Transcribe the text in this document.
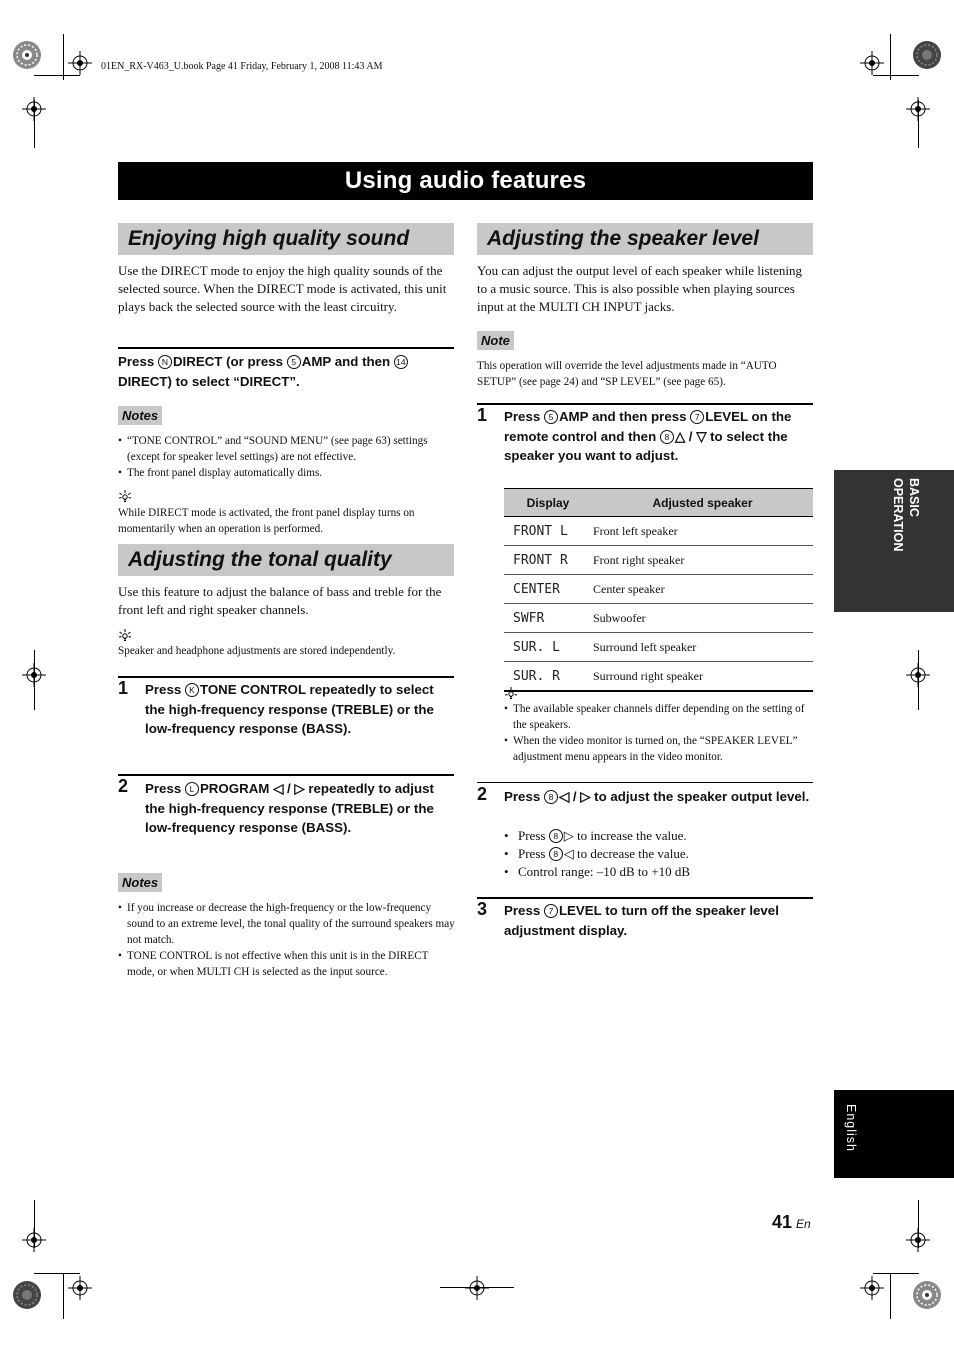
01EN_RX-V463_U.book Page 41 Friday, February 1, 2008 11:43 AM
Using audio features
Enjoying high quality sound
Use the DIRECT mode to enjoy the high quality sounds of the selected source. When the DIRECT mode is activated, this unit plays back the selected source with the least circuitry.
Press N DIRECT (or press 5 AMP and then 14DIRECT) to select “DIRECT”.
Notes
• “TONE CONTROL” and “SOUND MENU” (see page 63) settings (except for speaker level settings) are not effective.
• The front panel display automatically dims.
While DIRECT mode is activated, the front panel display turns on momentarily when an operation is performed.
Adjusting the tonal quality
Use this feature to adjust the balance of bass and treble for the front left and right speaker channels.
Speaker and headphone adjustments are stored independently.
1 Press K TONE CONTROL repeatedly to select the high-frequency response (TREBLE) or the low-frequency response (BASS).
2 Press L PROGRAM ◁ / ▷ repeatedly to adjust the high-frequency response (TREBLE) or the low-frequency response (BASS).
Notes
• If you increase or decrease the high-frequency or the low-frequency sound to an extreme level, the tonal quality of the surround speakers may not match.
• TONE CONTROL is not effective when this unit is in the DIRECT mode, or when MULTI CH is selected as the input source.
Adjusting the speaker level
You can adjust the output level of each speaker while listening to a music source. This is also possible when playing sources input at the MULTI CH INPUT jacks.
Note
This operation will override the level adjustments made in “AUTO SETUP” (see page 24) and “SP LEVEL” (see page 65).
1 Press 5 AMP and then press 7 LEVEL on the remote control and then 8 △ / ▽ to select the speaker you want to adjust.
Display	Adjusted speaker
FRONT L	Front left speaker
FRONT R	Front right speaker
CENTER	Center speaker
SWFR	Subwoofer
SUR. L	Surround left speaker
SUR. R	Surround right speaker
• The available speaker channels differ depending on the setting of the speakers.
• When the video monitor is turned on, the “SPEAKER LEVEL” adjustment menu appears in the video monitor.
2 Press 8 ◁ / ▷ to adjust the speaker output level.
• Press 8 ▷ to increase the value.
• Press 8 ◁ to decrease the value.
• Control range: –10 dB to +10 dB
3 Press 7 LEVEL to turn off the speaker level adjustment display.
BASIC
OPERATION
English
41 En
